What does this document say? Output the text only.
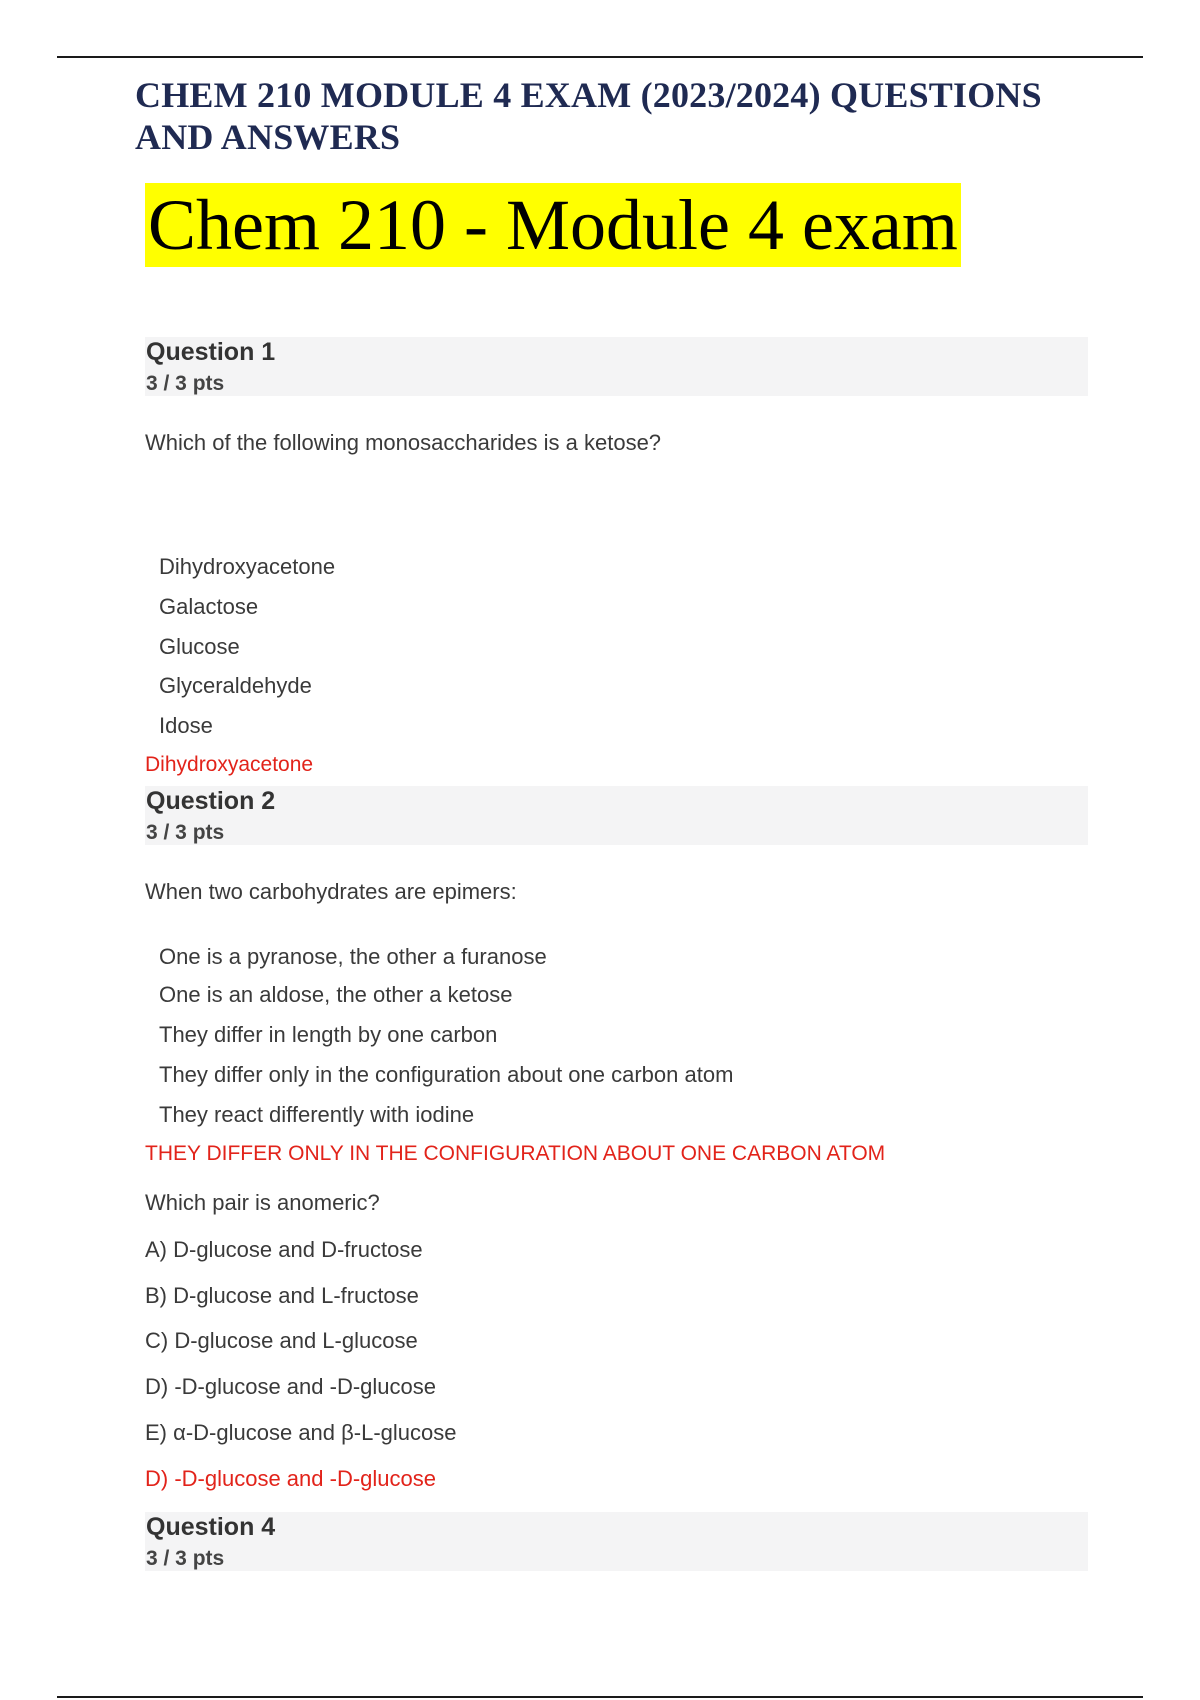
CHEM 210 MODULE 4 EXAM (2023/2024) QUESTIONS AND ANSWERS
Chem 210 - Module 4 exam
Question 1
3 / 3 pts

Which of the following monosaccharides is a ketose?

Dihydroxyacetone

Galactose

Glucose

Glyceraldehyde

Idose

Dihydroxyacetone

Question 2
3 / 3 pts

When two carbohydrates are epimers:

One is a pyranose, the other a furanose

One is an aldose, the other a ketose

They differ in length by one carbon

They differ only in the configuration about one carbon atom

They react differently with iodine

THEY DIFFER ONLY IN THE CONFIGURATION ABOUT ONE CARBON ATOM

Which pair is anomeric?

A) D-glucose and D-fructose

B) D-glucose and L-fructose

C) D-glucose and L-glucose

D) -D-glucose and -D-glucose

E) α-D-glucose and β-L-glucose

D) -D-glucose and -D-glucose

Question 4
3 / 3 pts
